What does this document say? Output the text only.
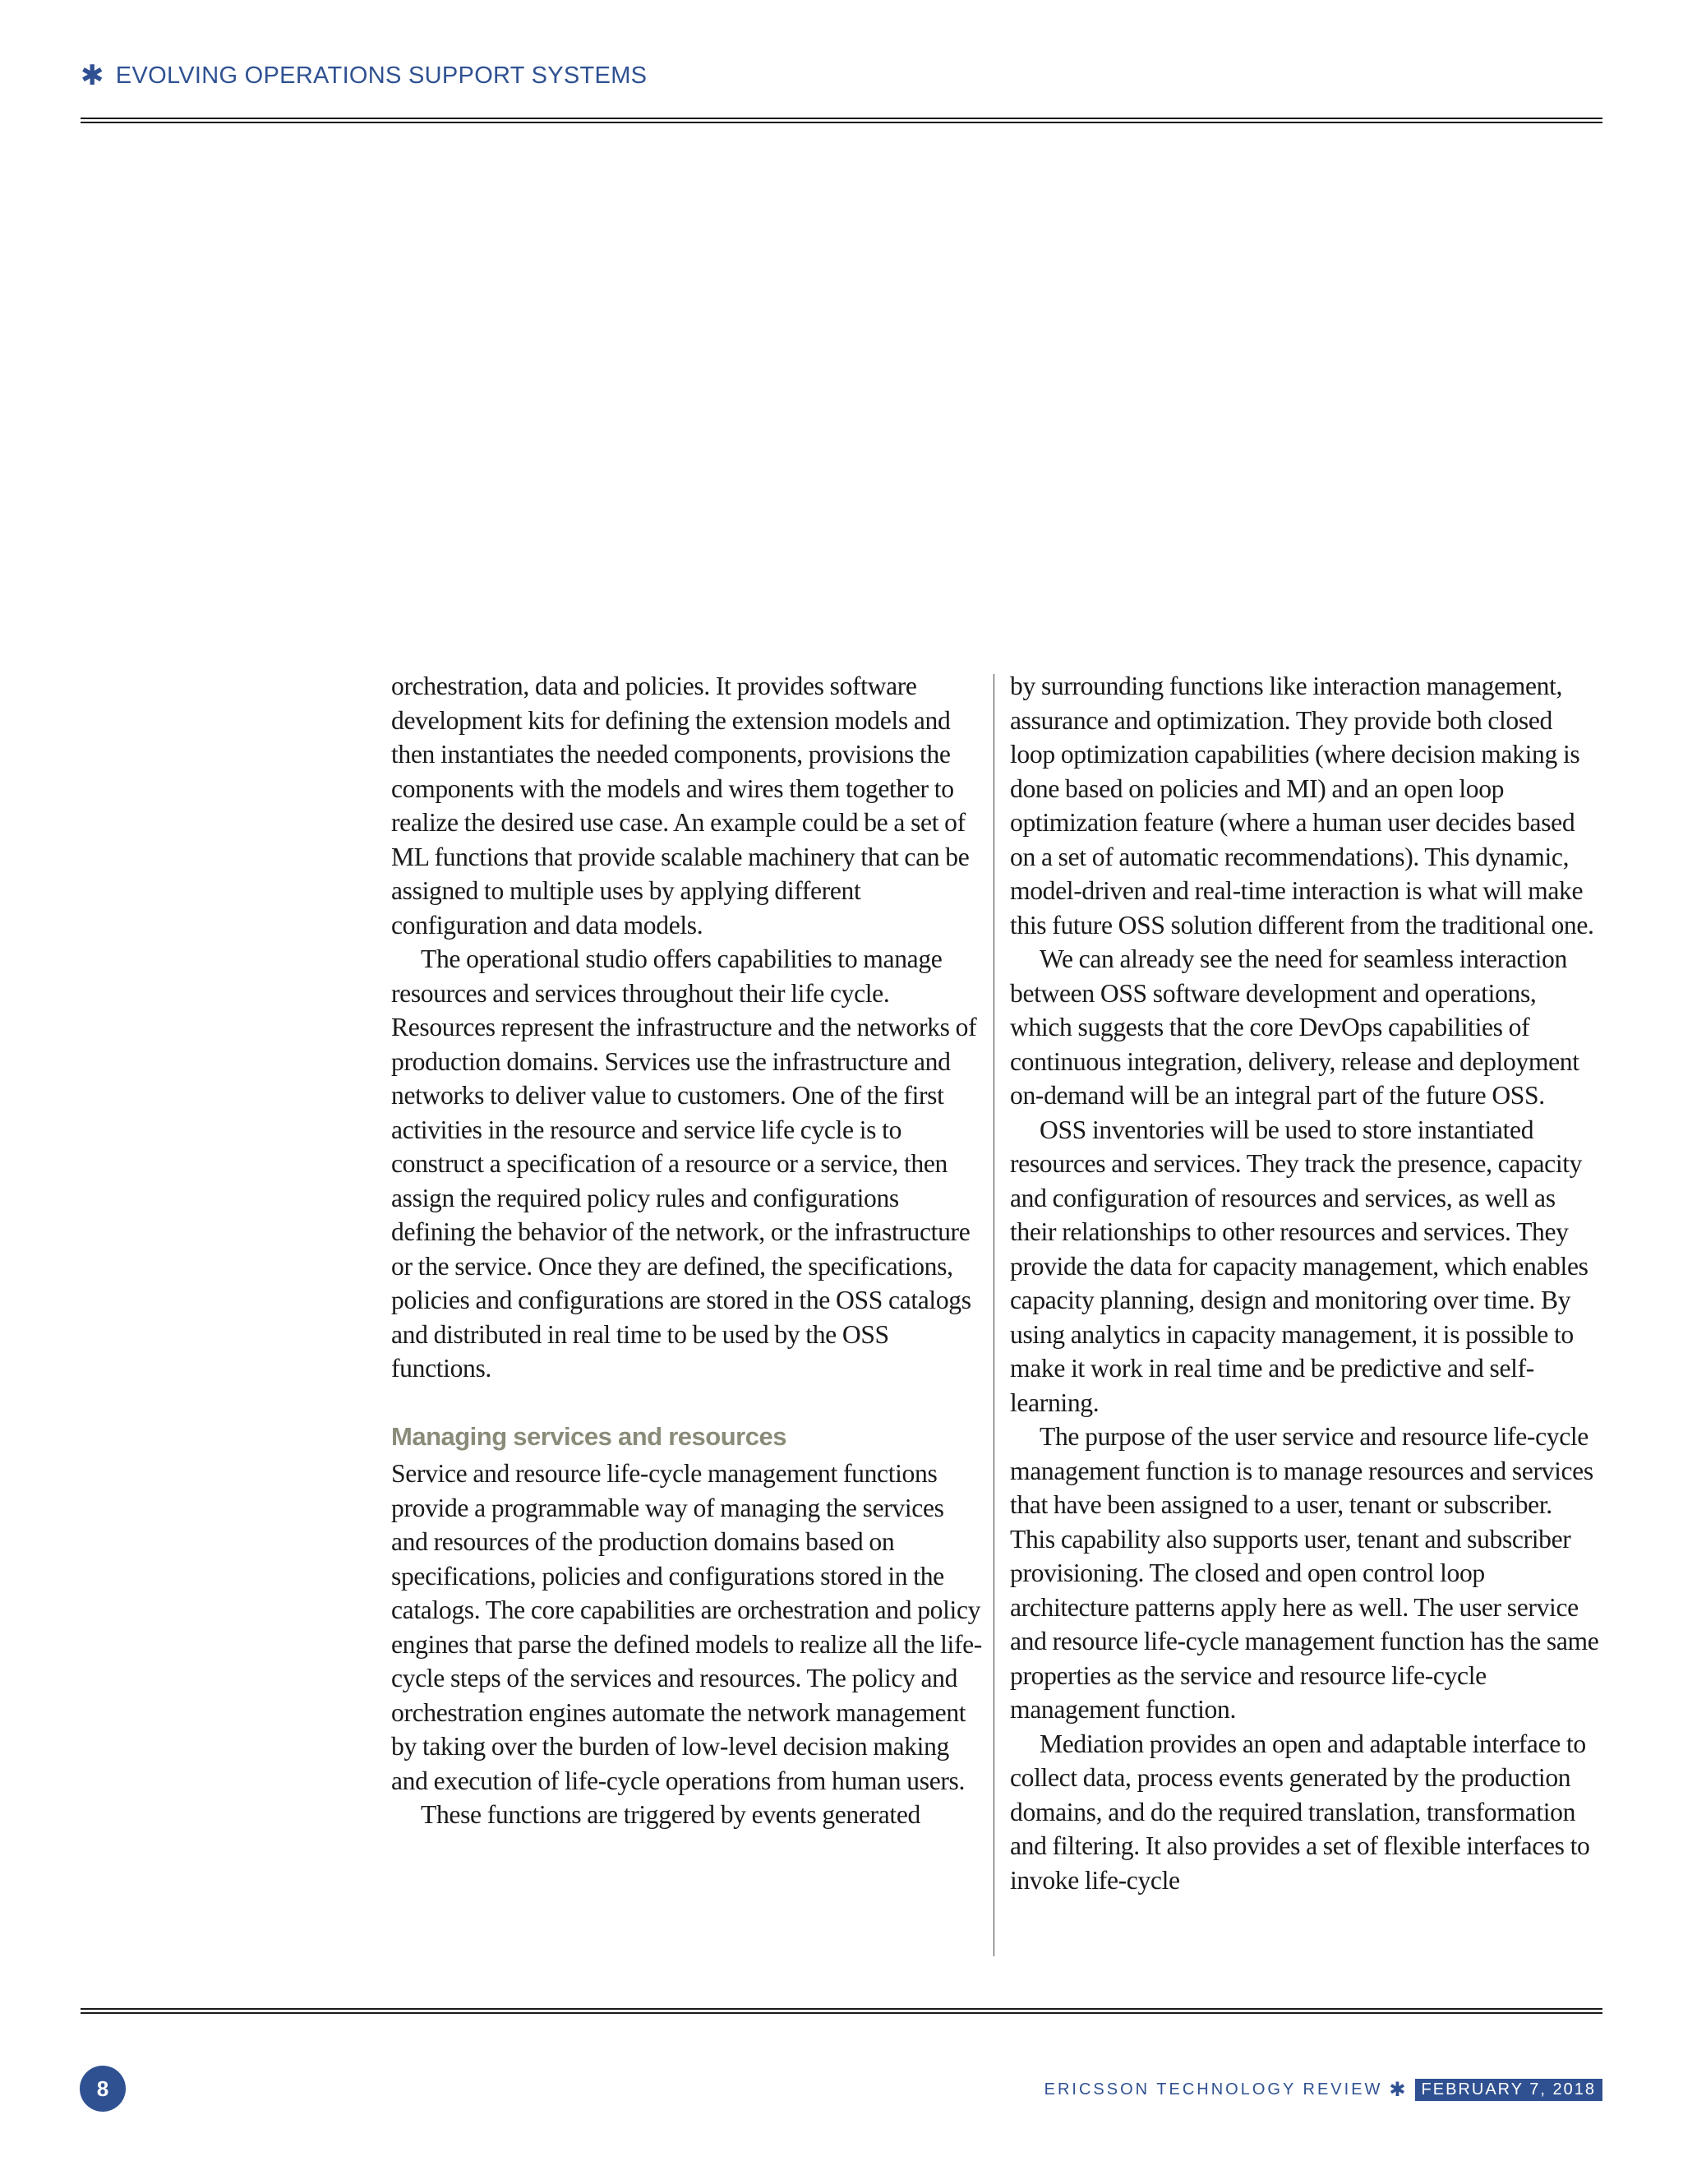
✱ EVOLVING OPERATIONS SUPPORT SYSTEMS

orchestration, data and policies. It provides software development kits for defining the extension models and then instantiates the needed components, provisions the components with the models and wires them together to realize the desired use case. An example could be a set of ML functions that provide scalable machinery that can be assigned to multiple uses by applying different configuration and data models.

The operational studio offers capabilities to manage resources and services throughout their life cycle. Resources represent the infrastructure and the networks of production domains. Services use the infrastructure and networks to deliver value to customers. One of the first activities in the resource and service life cycle is to construct a specification of a resource or a service, then assign the required policy rules and configurations defining the behavior of the network, or the infrastructure or the service. Once they are defined, the specifications, policies and configurations are stored in the OSS catalogs and distributed in real time to be used by the OSS functions.

Managing services and resources

Service and resource life-cycle management functions provide a programmable way of managing the services and resources of the production domains based on specifications, policies and configurations stored in the catalogs. The core capabilities are orchestration and policy engines that parse the defined models to realize all the life-cycle steps of the services and resources. The policy and orchestration engines automate the network management by taking over the burden of low-level decision making and execution of life-cycle operations from human users.

These functions are triggered by events generated

by surrounding functions like interaction management, assurance and optimization. They provide both closed loop optimization capabilities (where decision making is done based on policies and MI) and an open loop optimization feature (where a human user decides based on a set of automatic recommendations). This dynamic, model-driven and real-time interaction is what will make this future OSS solution different from the traditional one.

We can already see the need for seamless interaction between OSS software development and operations, which suggests that the core DevOps capabilities of continuous integration, delivery, release and deployment on-demand will be an integral part of the future OSS.

OSS inventories will be used to store instantiated resources and services. They track the presence, capacity and configuration of resources and services, as well as their relationships to other resources and services. They provide the data for capacity management, which enables capacity planning, design and monitoring over time. By using analytics in capacity management, it is possible to make it work in real time and be predictive and self-learning.

The purpose of the user service and resource life-cycle management function is to manage resources and services that have been assigned to a user, tenant or subscriber. This capability also supports user, tenant and subscriber provisioning. The closed and open control loop architecture patterns apply here as well. The user service and resource life-cycle management function has the same properties as the service and resource life-cycle management function.

Mediation provides an open and adaptable interface to collect data, process events generated by the production domains, and do the required translation, transformation and filtering. It also provides a set of flexible interfaces to invoke life-cycle

8	ERICSSON TECHNOLOGY REVIEW ✱ FEBRUARY 7, 2018
